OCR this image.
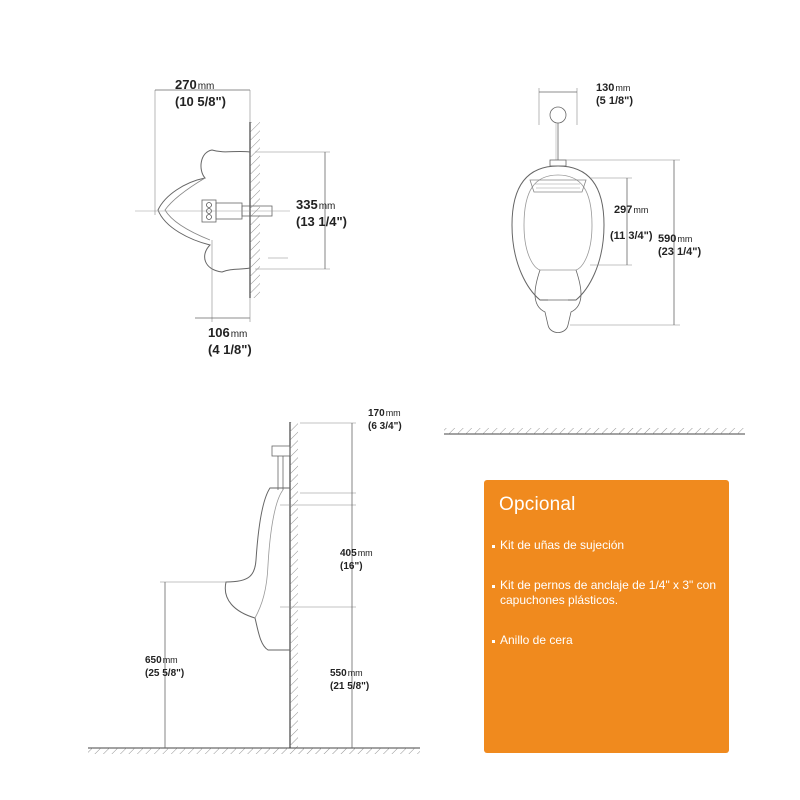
270mm
(10 5/8")
335mm
(13 1/4")
106mm
(4 1/8")
130mm
(5 1/8")
297mm
(11 3/4") 590mm
(23 1/4")
170mm
(6 3/4")
405mm
(16")
650mm
(25 5/8")	550mm
(21 5/8")
Opcional
Kit de uñas de sujeción
Kit de pernos de anclaje de 1/4" x 3" con capuchones plásticos.
Anillo de cera
